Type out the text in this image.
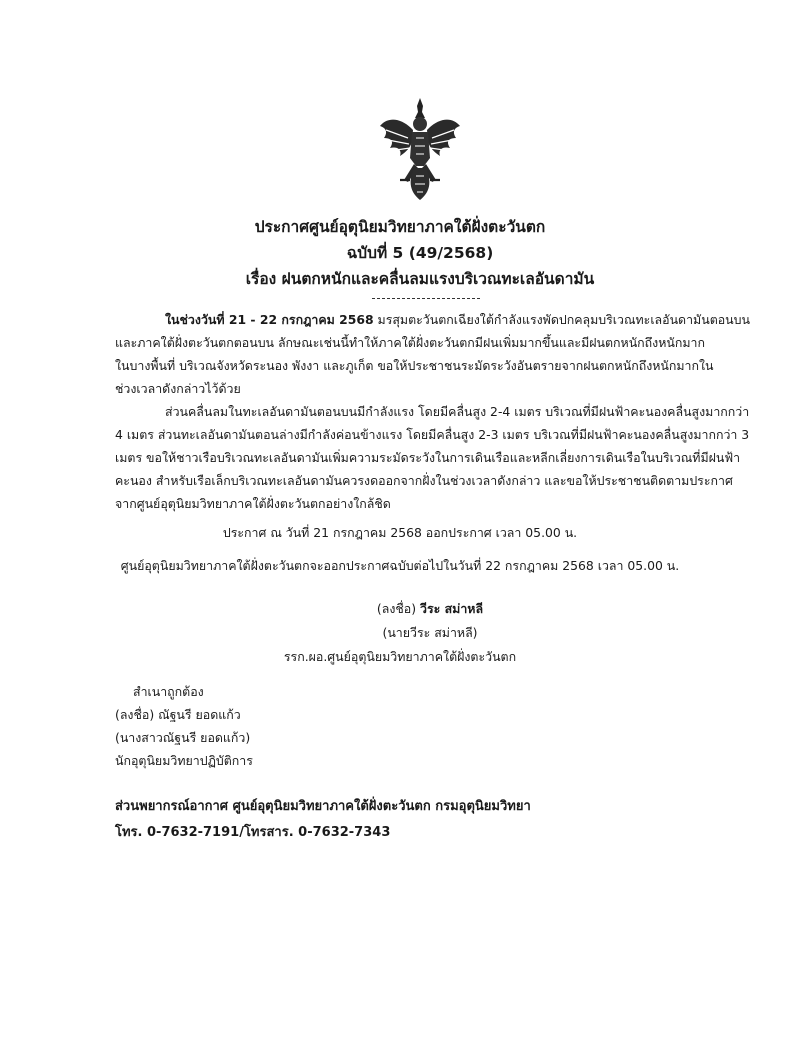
ประกาศศูนย์อุตุนิยมวิทยาภาคใต้ฝั่งตะวันตก
ฉบับที่ 5 (49/2568)
เรื่อง ฝนตกหนักและคลื่นลมแรงบริเวณทะเลอันดามัน

ในช่วงวันที่ 21 - 22 กรกฎาคม 2568 มรสุมตะวันตกเฉียงใต้กำลังแรงพัดปกคลุมบริเวณทะเลอันดามันตอนบน
และภาคใต้ฝั่งตะวันตกตอนบน ลักษณะเช่นนี้ทำให้ภาคใต้ฝั่งตะวันตกมีฝนเพิ่มมากขึ้นและมีฝนตกหนักถึงหนักมาก
ในบางพื้นที่ บริเวณจังหวัดระนอง พังงา และภูเก็ต ขอให้ประชาชนระมัดระวังอันตรายจากฝนตกหนักถึงหนักมากใน
ช่วงเวลาดังกล่าวไว้ด้วย

ส่วนคลื่นลมในทะเลอันดามันตอนบนมีกำลังแรง โดยมีคลื่นสูง 2-4 เมตร บริเวณที่มีฝนฟ้าคะนองคลื่นสูงมากกว่า
4 เมตร ส่วนทะเลอันดามันตอนล่างมีกำลังค่อนข้างแรง โดยมีคลื่นสูง 2-3 เมตร บริเวณที่มีฝนฟ้าคะนองคลื่นสูงมากกว่า 3
เมตร ขอให้ชาวเรือบริเวณทะเลอันดามันเพิ่มความระมัดระวังในการเดินเรือและหลีกเลี่ยงการเดินเรือในบริเวณที่มีฝนฟ้า
คะนอง สำหรับเรือเล็กบริเวณทะเลอันดามันควรงดออกจากฝั่งในช่วงเวลาดังกล่าว และขอให้ประชาชนติดตามประกาศ
จากศูนย์อุตุนิยมวิทยาภาคใต้ฝั่งตะวันตกอย่างใกล้ชิด

ประกาศ ณ วันที่ 21 กรกฎาคม 2568 ออกประกาศ เวลา 05.00 น.
ศูนย์อุตุนิยมวิทยาภาคใต้ฝั่งตะวันตกจะออกประกาศฉบับต่อไปในวันที่ 22 กรกฎาคม 2568 เวลา 05.00 น.
(ลงชื่อ) วีระ สม่าหลี
(นายวีระ สม่าหลี)
รรก.ผอ.ศูนย์อุตุนิยมวิทยาภาคใต้ฝั่งตะวันตก
สำเนาถูกต้อง
(ลงชื่อ) ณัฐนรี ยอดแก้ว
(นางสาวณัฐนรี ยอดแก้ว)
นักอุตุนิยมวิทยาปฏิบัติการ
ส่วนพยากรณ์อากาศ ศูนย์อุตุนิยมวิทยาภาคใต้ฝั่งตะวันตก กรมอุตุนิยมวิทยา
โทร. 0-7632-7191/โทรสาร. 0-7632-7343
